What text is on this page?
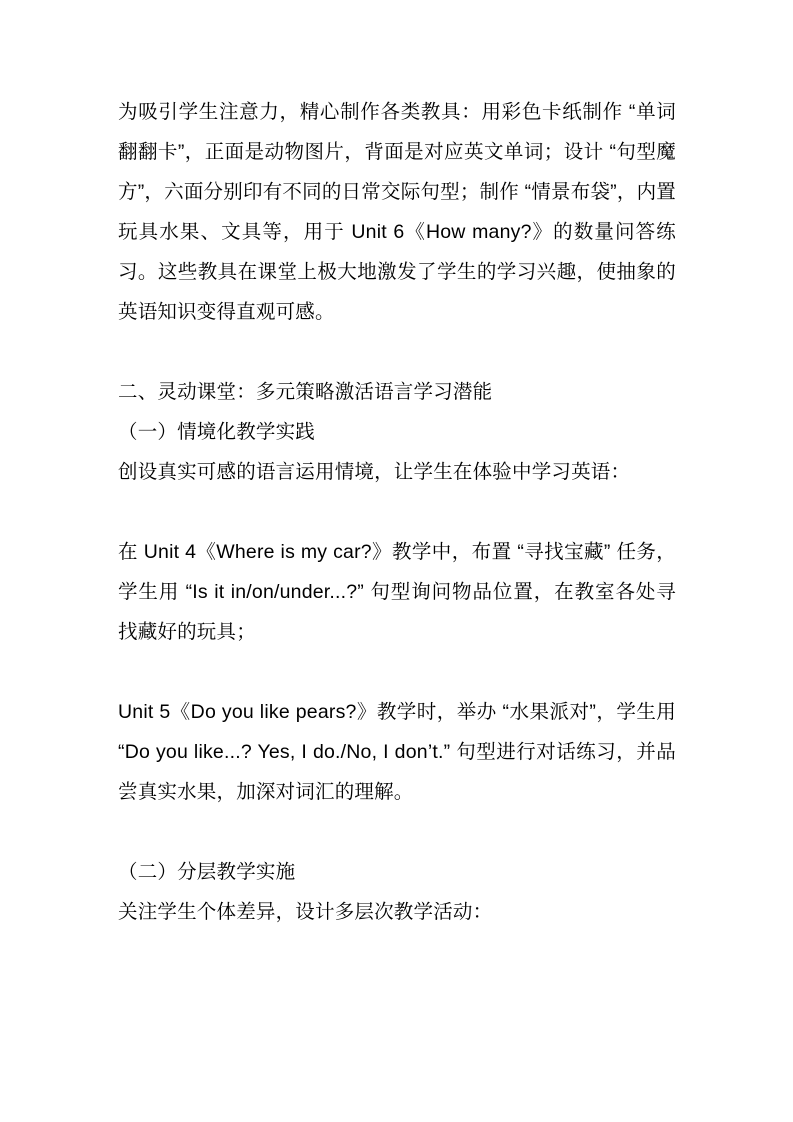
为吸引学生注意力，精心制作各类教具：用彩色卡纸制作 “单词翻翻卡”，正面是动物图片，背面是对应英文单词；设计 “句型魔方”，六面分别印有不同的日常交际句型；制作 “情景布袋”，内置玩具水果、文具等，用于 Unit 6《How many?》的数量问答练习。这些教具在课堂上极大地激发了学生的学习兴趣，使抽象的英语知识变得直观可感。

二、灵动课堂：多元策略激活语言学习潜能

（一）情境化教学实践

创设真实可感的语言运用情境，让学生在体验中学习英语：

在 Unit 4《Where is my car?》教学中，布置 “寻找宝藏” 任务，学生用 “Is it in/on/under...?” 句型询问物品位置，在教室各处寻找藏好的玩具；

Unit 5《Do you like pears?》教学时，举办 “水果派对”，学生用 “Do you like...? Yes, I do./No, I don’t.” 句型进行对话练习，并品尝真实水果，加深对词汇的理解。

（二）分层教学实施

关注学生个体差异，设计多层次教学活动：
